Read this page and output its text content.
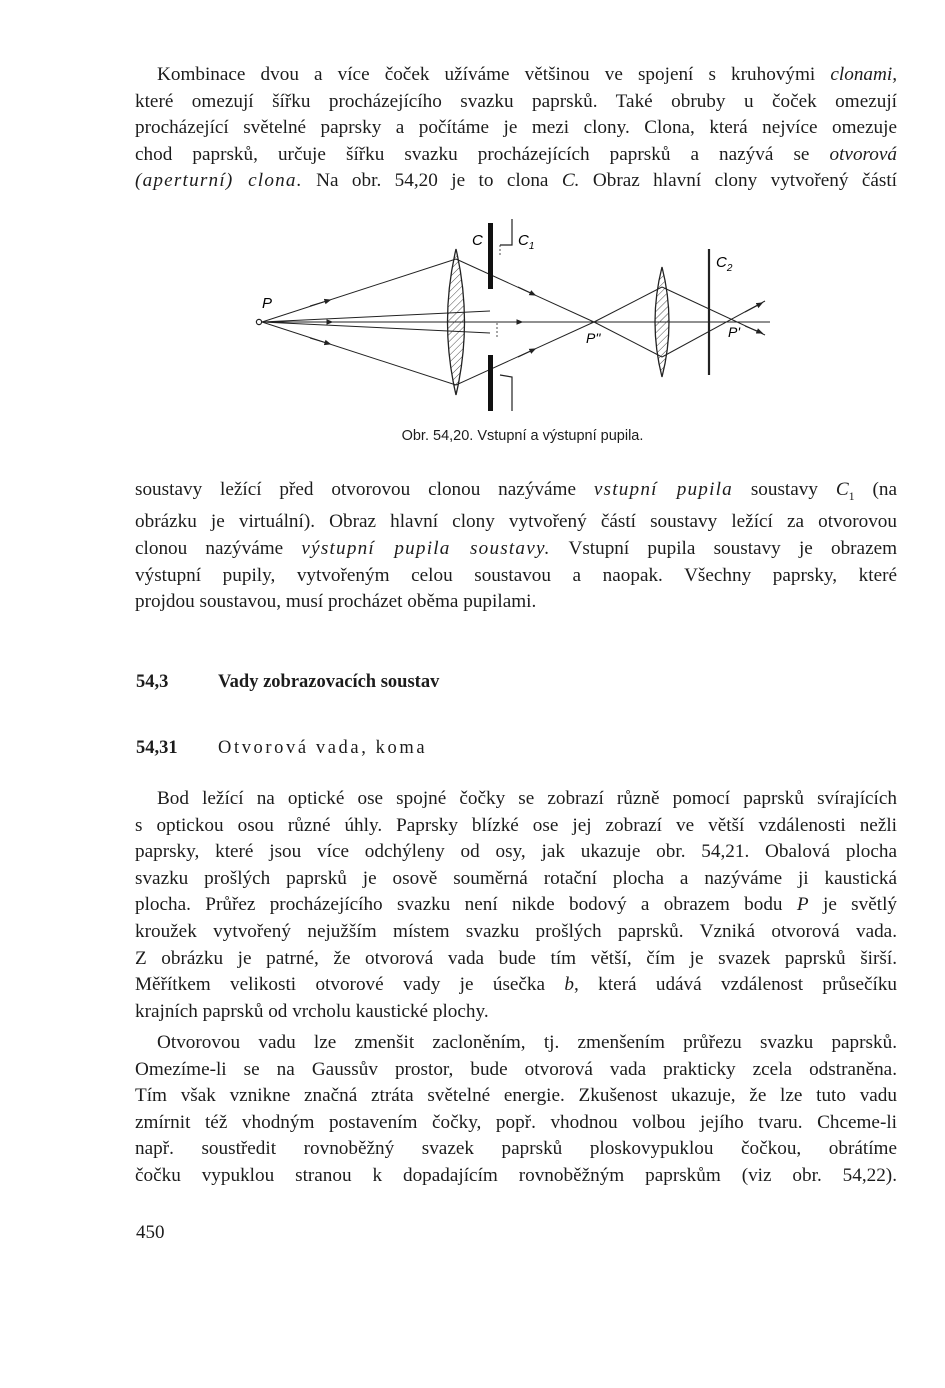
Kombinace dvou a více čoček užíváme většinou ve spojení s kruhovými clonami,
které omezují šířku procházejícího svazku paprsků. Také obruby u čoček omezují
procházející světelné paprsky a počítáme je mezi clony. Clona, která nejvíce omezuje
chod paprsků, určuje šířku svazku procházejících paprsků a nazývá se otvorová
(aperturní) clona. Na obr. 54,20 je to clona C. Obraz hlavní clony vytvořený částí
P
C $C_1$
$C_2$
P"	P'
Obr. 54,20. Vstupní a výstupní pupila.
soustavy ležící před otvorovou clonou nazýváme vstupní pupila soustavy $C_1$ (na
obrázku je virtuální). Obraz hlavní clony vytvořený částí soustavy ležící za otvorovou
clonou nazýváme výstupní pupila soustavy. Vstupní pupila soustavy je obrazem
výstupní pupily, vytvořeným celou soustavou a naopak. Všechny paprsky, které
projdou soustavou, musí procházet oběma pupilami.
54,3	Vady zobrazovacích soustav
54,31 Otvorová vada, koma
Bod ležící na optické ose spojné čočky se zobrazí různě pomocí paprsků svírajících
s optickou osou různé úhly. Paprsky blízké ose jej zobrazí ve větší vzdálenosti nežli
paprsky, které jsou více odchýleny od osy, jak ukazuje obr. 54,21. Obalová plocha
svazku prošlých paprsků je osově souměrná rotační plocha a nazýváme ji kaustická
plocha. Průřez procházejícího svazku není nikde bodový a obrazem bodu P je světlý
kroužek vytvořený nejužším místem svazku prošlých paprsků. Vzniká otvorová vada.
Z obrázku je patrné, že otvorová vada bude tím větší, čím je svazek paprsků širší.
Měřítkem velikosti otvorové vady je úsečka b, která udává vzdálenost průsečíku
krajních paprsků od vrcholu kaustické plochy.
Otvorovou vadu lze zmenšit zacloněním, tj. zmenšením průřezu svazku paprsků.
Omezíme-li se na Gaussův prostor, bude otvorová vada prakticky zcela odstraněna.
Tím však vznikne značná ztráta světelné energie. Zkušenost ukazuje, že lze tuto vadu
zmírnit též vhodným postavením čočky, popř. vhodnou volbou jejího tvaru. Chceme-li
např. soustředit rovnoběžný svazek paprsků ploskovypuklou čočkou, obrátíme
čočku vypuklou stranou k dopadajícím rovnoběžným paprskům (viz obr. 54,22).
450
